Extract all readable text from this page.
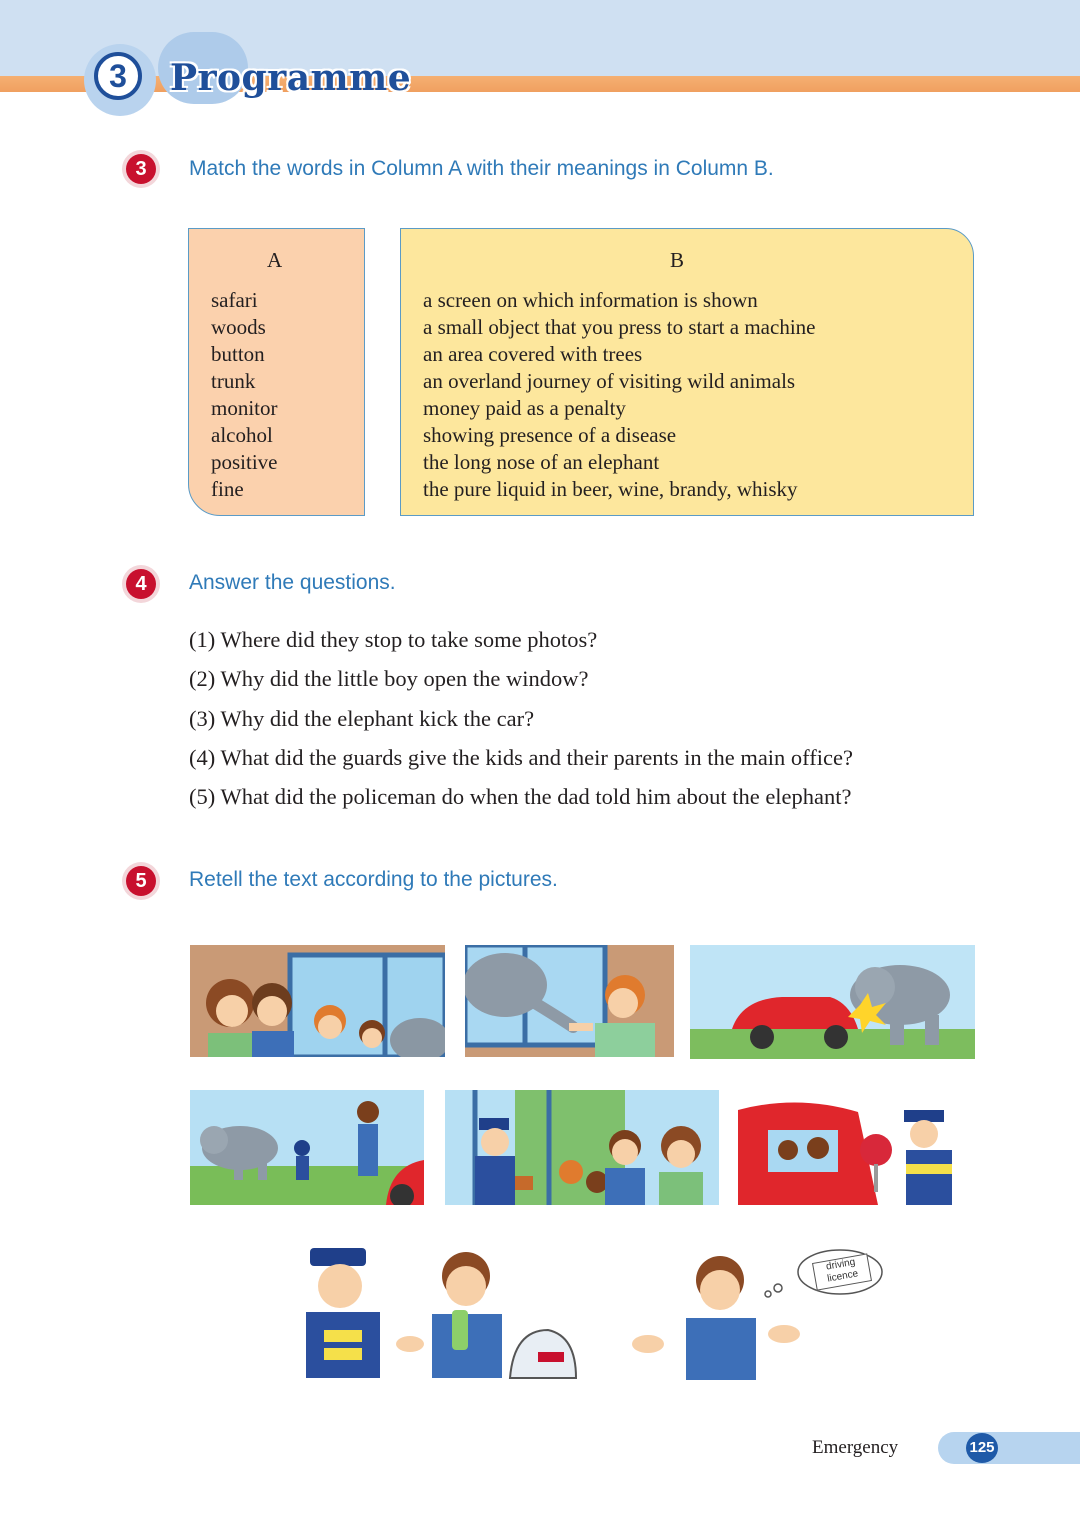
3	Programme
3	Match the words in Column A with their meanings in Column B.
A
safari
woods
button
trunk
monitor
alcohol
positive
fine
B
a screen on which information is shown
a small object that you press to start a machine
an area covered with trees
an overland journey of visiting wild animals
money paid as a penalty
showing presence of a disease
the long nose of an elephant
the pure liquid in beer, wine, brandy, whisky
4	Answer the questions.
(1) Where did they stop to take some photos?
(2) Why did the little boy open the window?
(3) Why did the elephant kick the car?
(4) What did the guards give the kids and their parents in the main office?
(5) What did the policeman do when the dad told him about the elephant?
5	Retell the text according to the pictures.
driving licence
Emergency	125
